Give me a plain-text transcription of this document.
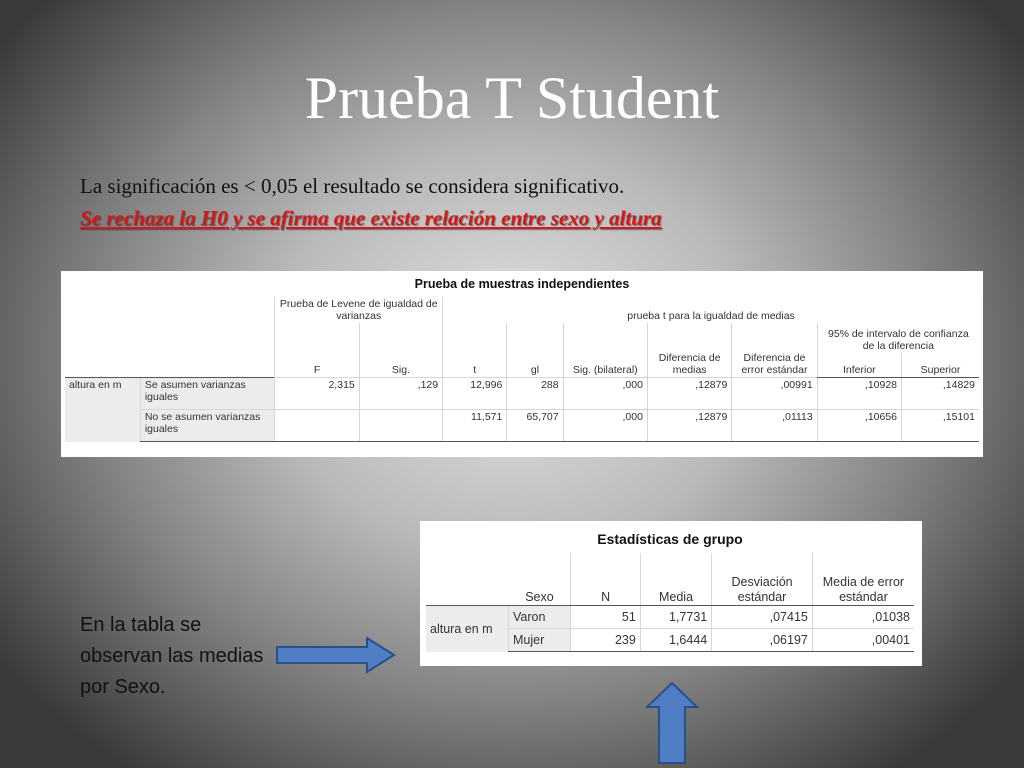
Prueba T Student
La significación es < 0,05 el resultado se considera significativo.
Se rechaza la H0 y se afirma que existe relación entre sexo y altura
Prueba de muestras independientes
		Prueba de Levene de igualdad de varianzas		prueba t para la igualdad de medias						
		F	Sig.	t	gl	Sig. (bilateral)	Diferencia de medias	Diferencia de error estándar	95% de intervalo de confianza de la diferencia	
									Inferior	Superior
altura en m	Se asumen varianzas iguales	2,315	,129	12,996	288	,000	,12879	,00991	,10928	,14829
	No se asumen varianzas iguales			11,571	65,707	,000	,12879	,01113	,10656	,15101
Estadísticas de grupo
	Sexo	N	Media	Desviación estándar	Media de error estándar
altura en m	Varon	51	1,7731	,07415	,01038
	Mujer	239	1,6444	,06197	,00401
En la tabla se observan las medias por Sexo.
